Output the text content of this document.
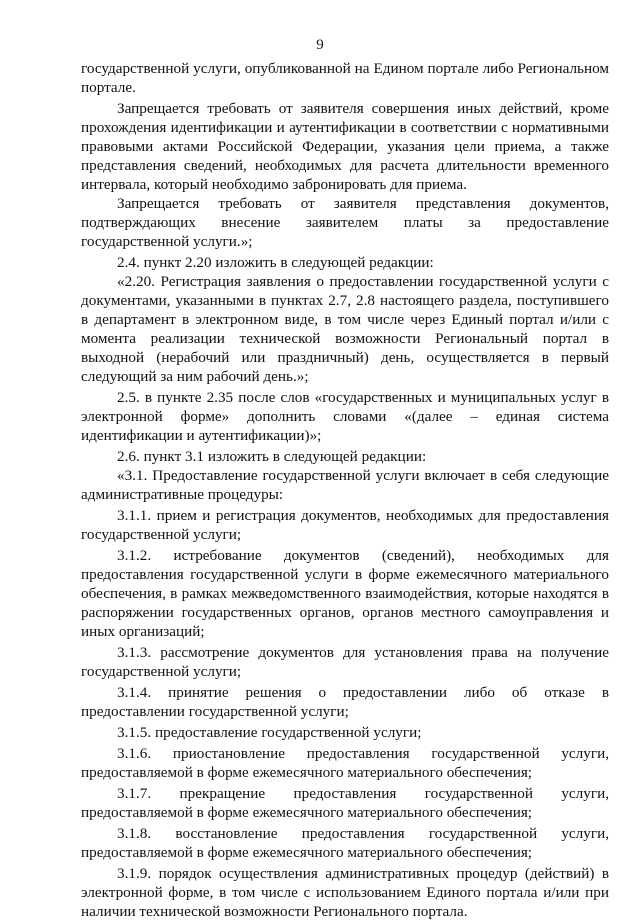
9

государственной услуги, опубликованной на Едином портале либо Региональном портале.

Запрещается требовать от заявителя совершения иных действий, кроме прохождения идентификации и аутентификации в соответствии с нормативными правовыми актами Российской Федерации, указания цели приема, а также представления сведений, необходимых для расчета длительности временного интервала, который необходимо забронировать для приема.

Запрещается требовать от заявителя представления документов, подтверждающих внесение заявителем платы за предоставление государственной услуги.»;

2.4. пункт 2.20 изложить в следующей редакции:

«2.20. Регистрация заявления о предоставлении государственной услуги с документами, указанными в пунктах 2.7, 2.8 настоящего раздела, поступившего в департамент в электронном виде, в том числе через Единый портал и/или с момента реализации технической возможности Региональный портал в выходной (нерабочий или праздничный) день, осуществляется в первый следующий за ним рабочий день.»;

2.5. в пункте 2.35 после слов «государственных и муниципальных услуг в электронной форме» дополнить словами «(далее – единая система идентификации и аутентификации)»;

2.6. пункт 3.1 изложить в следующей редакции:

«3.1. Предоставление государственной услуги включает в себя следующие административные процедуры:

3.1.1. прием и регистрация документов, необходимых для предоставления государственной услуги;

3.1.2. истребование документов (сведений), необходимых для предоставления государственной услуги в форме ежемесячного материального обеспечения, в рамках межведомственного взаимодействия, которые находятся в распоряжении государственных органов, органов местного самоуправления и иных организаций;

3.1.3. рассмотрение документов для установления права на получение государственной услуги;

3.1.4. принятие решения о предоставлении либо об отказе в предоставлении государственной услуги;

3.1.5. предоставление государственной услуги;

3.1.6. приостановление предоставления государственной услуги, предоставляемой в форме ежемесячного материального обеспечения;

3.1.7. прекращение предоставления государственной услуги, предоставляемой в форме ежемесячного материального обеспечения;

3.1.8. восстановление предоставления государственной услуги, предоставляемой в форме ежемесячного материального обеспечения;

3.1.9. порядок осуществления административных процедур (действий) в электронной форме, в том числе с использованием Единого портала и/или при наличии технической возможности Регионального портала.
